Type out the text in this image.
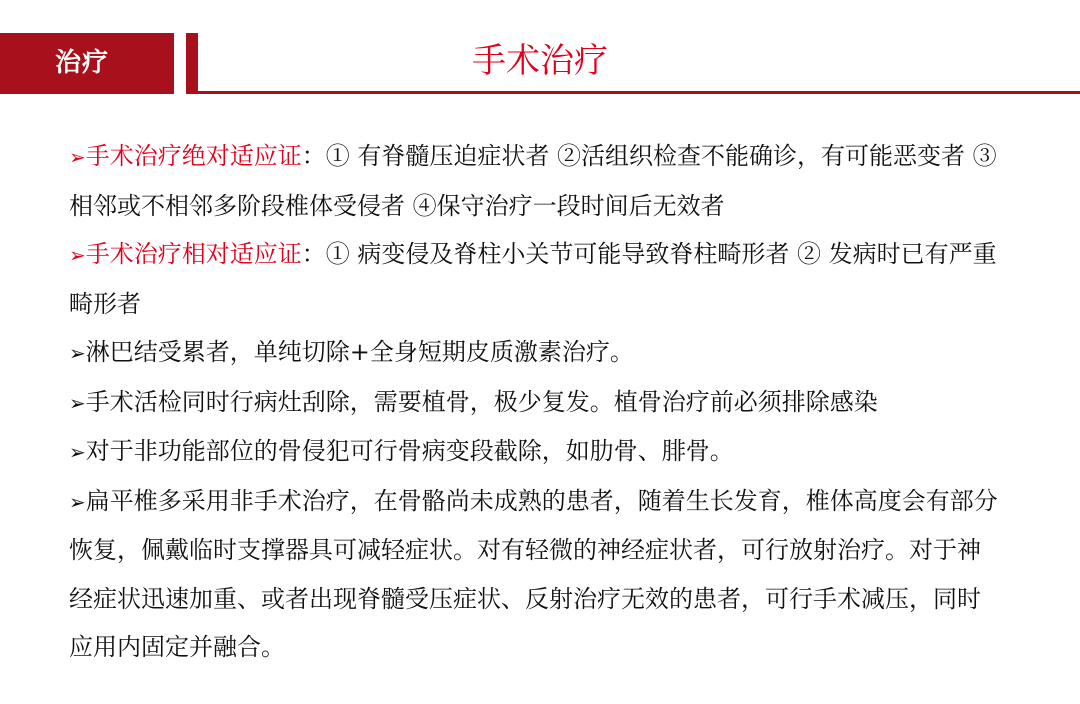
治疗	手术治疗

➢手术治疗绝对适应证：① 有脊髓压迫症状者 ②活组织检查不能确诊，有可能恶变者 ③ 相邻或不相邻多阶段椎体受侵者 ④保守治疗一段时间后无效者

➢手术治疗相对适应证：① 病变侵及脊柱小关节可能导致脊柱畸形者 ② 发病时已有严重畸形者

➢淋巴结受累者，单纯切除+全身短期皮质激素治疗。

➢手术活检同时行病灶刮除，需要植骨，极少复发。植骨治疗前必须排除感染

➢对于非功能部位的骨侵犯可行骨病变段截除，如肋骨、腓骨。

➢扁平椎多采用非手术治疗，在骨骼尚未成熟的患者，随着生长发育，椎体高度会有部分恢复，佩戴临时支撑器具可减轻症状。对有轻微的神经症状者，可行放射治疗。对于神经症状迅速加重、或者出现脊髓受压症状、反射治疗无效的患者，可行手术减压，同时应用内固定并融合。
